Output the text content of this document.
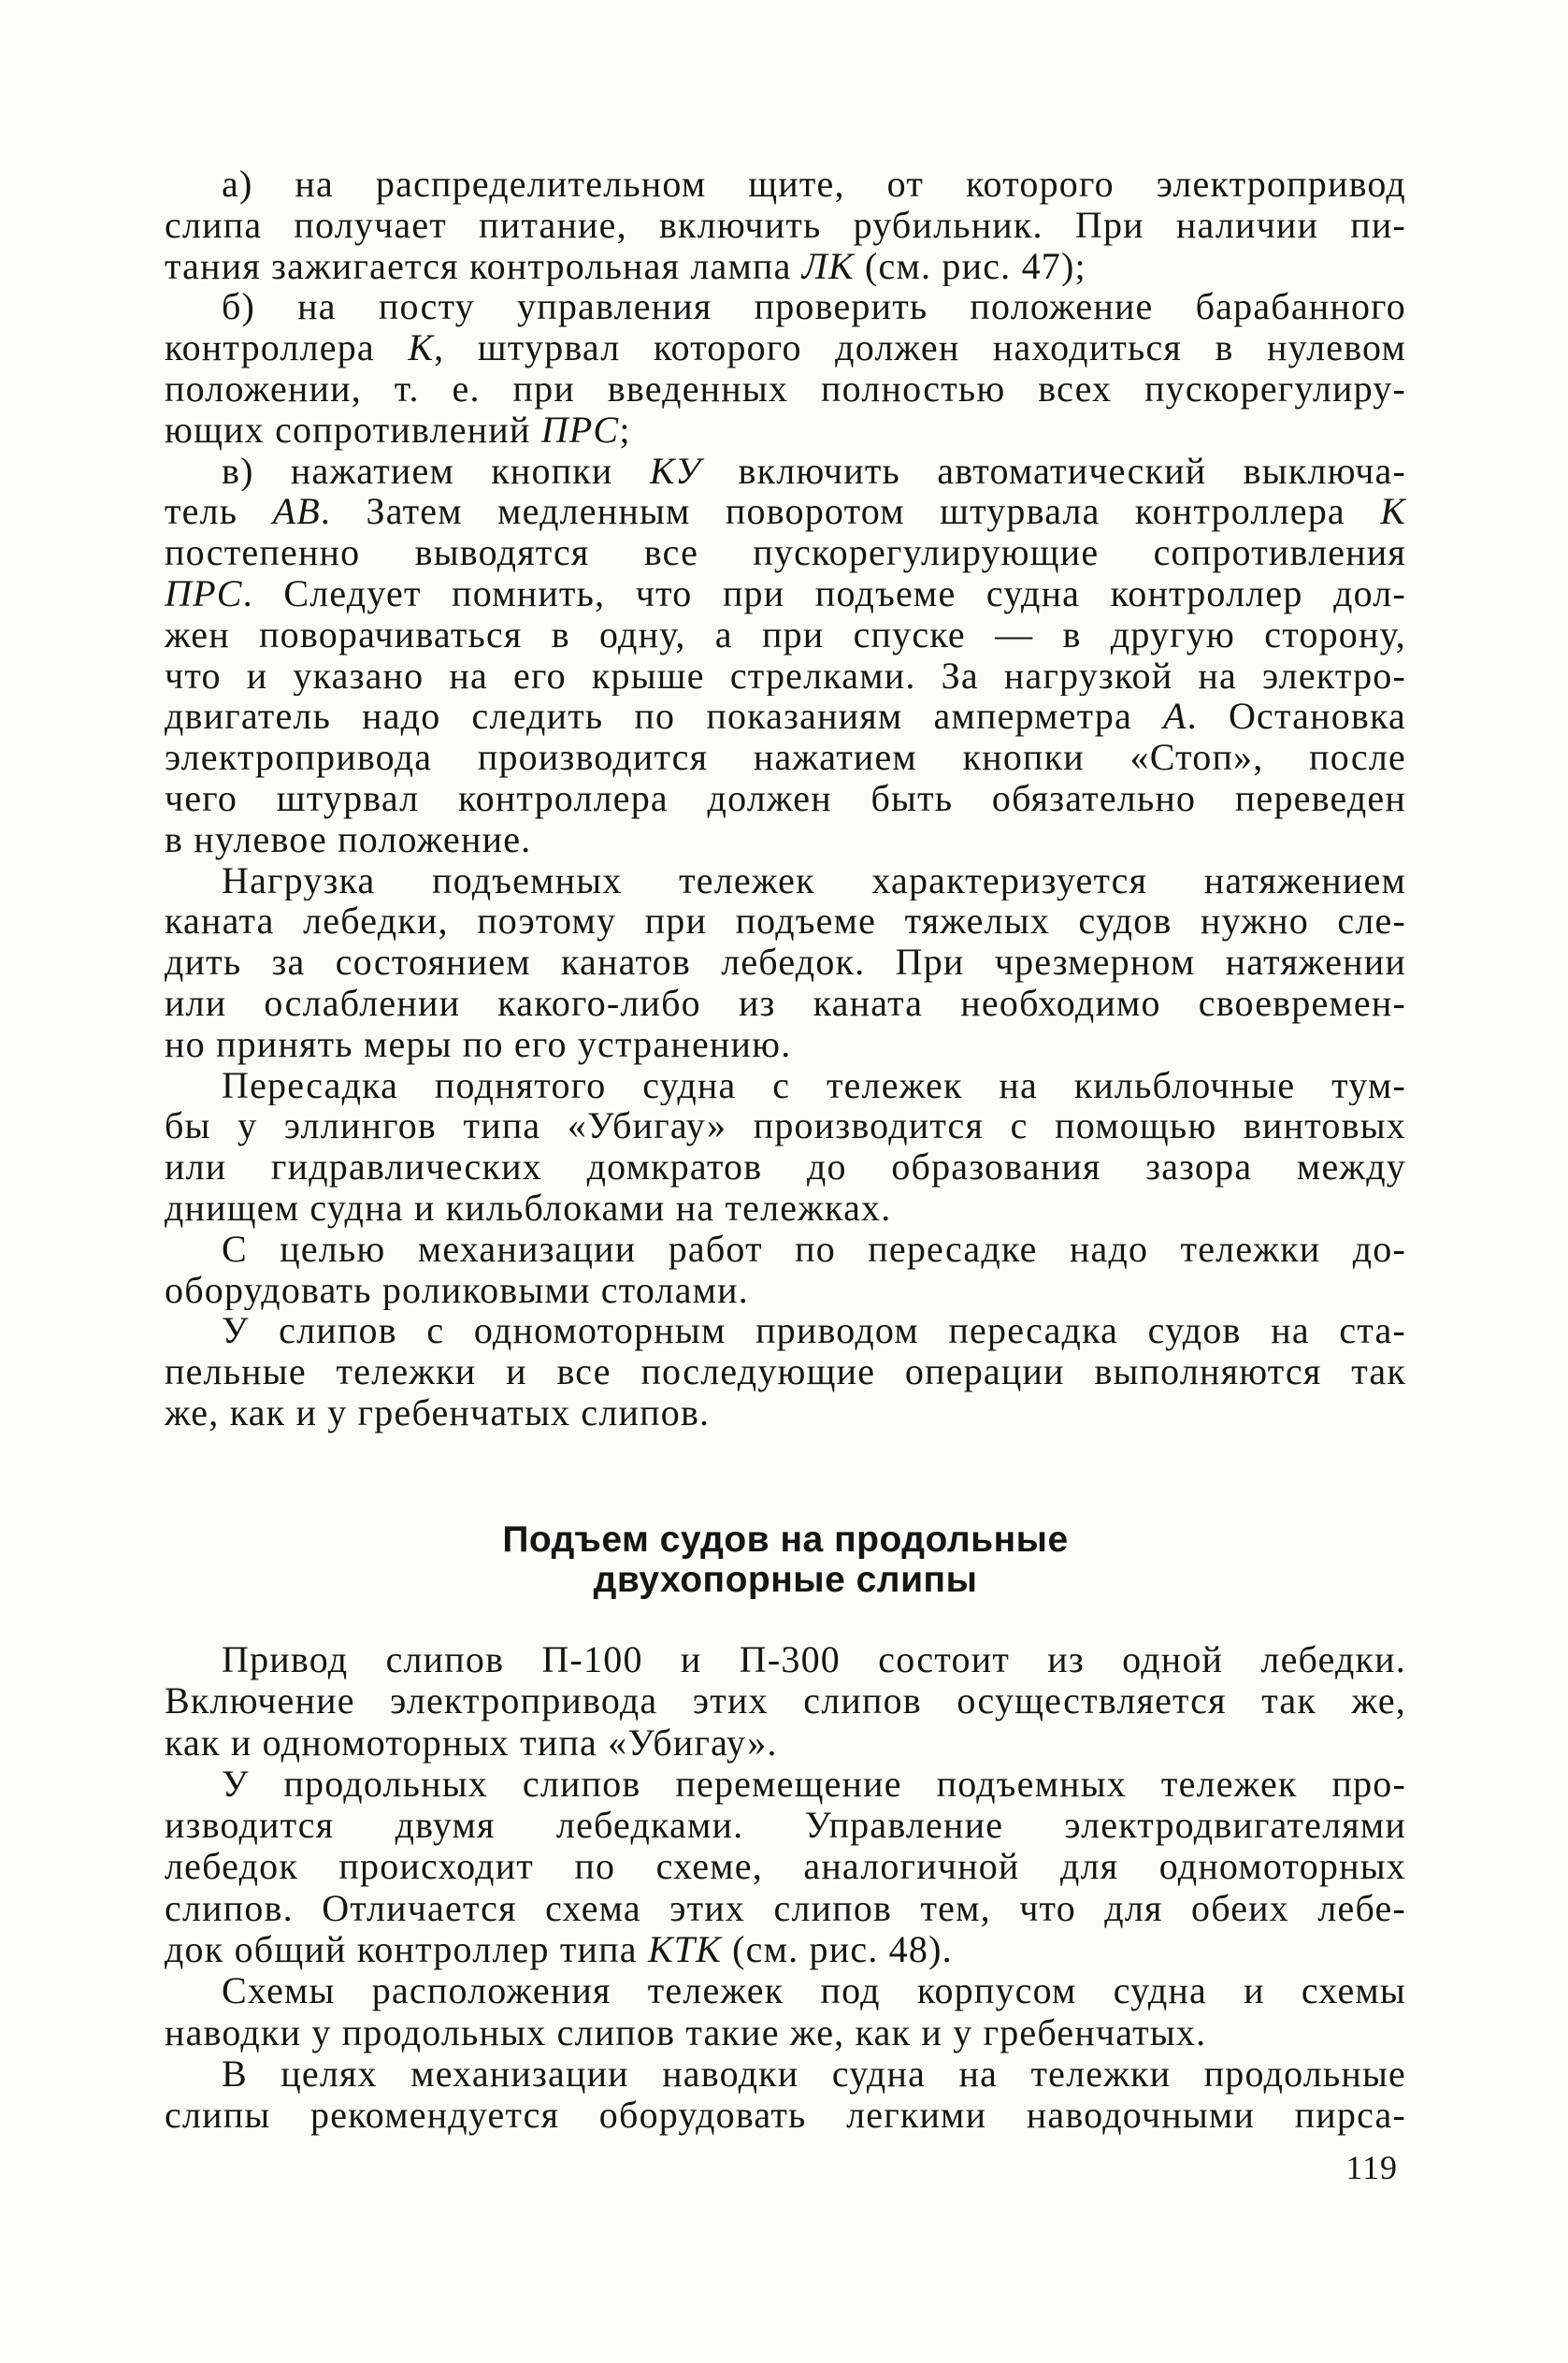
а) на распределительном щите, от которого электропривод
слипа получает питание, включить рубильник. При наличии пи-
тания зажигается контрольная лампа ЛК (см. рис. 47);
б) на посту управления проверить положение барабанного
контроллера К, штурвал которого должен находиться в нулевом
положении, т. е. при введенных полностью всех пускорегулиру-
ющих сопротивлений ПРС;
в) нажатием кнопки КУ включить автоматический выключа-
тель АВ. Затем медленным поворотом штурвала контроллера К
постепенно выводятся все пускорегулирующие сопротивления
ПРС. Следует помнить, что при подъеме судна контроллер дол-
жен поворачиваться в одну, а при спуске — в другую сторону,
что и указано на его крыше стрелками. За нагрузкой на электро-
двигатель надо следить по показаниям амперметра А. Остановка
электропривода производится нажатием кнопки «Стоп», после
чего штурвал контроллера должен быть обязательно переведен
в нулевое положение.
Нагрузка подъемных тележек характеризуется натяжением
каната лебедки, поэтому при подъеме тяжелых судов нужно сле-
дить за состоянием канатов лебедок. При чрезмерном натяжении
или ослаблении какого-либо из каната необходимо своевремен-
но принять меры по его устранению.
Пересадка поднятого судна с тележек на кильблочные тум-
бы у эллингов типа «Убигау» производится с помощью винтовых
или гидравлических домкратов до образования зазора между
днищем судна и кильблоками на тележках.
С целью механизации работ по пересадке надо тележки до-
оборудовать роликовыми столами.
У слипов с одномоторным приводом пересадка судов на ста-
пельные тележки и все последующие операции выполняются так
же, как и у гребенчатых слипов.
Подъем судов на продольные
двухопорные слипы
Привод слипов П-100 и П-300 состоит из одной лебедки.
Включение электропривода этих слипов осуществляется так же,
как и одномоторных типа «Убигау».
У продольных слипов перемещение подъемных тележек про-
изводится двумя лебедками. Управление электродвигателями
лебедок происходит по схеме, аналогичной для одномоторных
слипов. Отличается схема этих слипов тем, что для обеих лебе-
док общий контроллер типа КТК (см. рис. 48).
Схемы расположения тележек под корпусом судна и схемы
наводки у продольных слипов такие же, как и у гребенчатых.
В целях механизации наводки судна на тележки продольные
слипы рекомендуется оборудовать легкими наводочными пирса-
119
